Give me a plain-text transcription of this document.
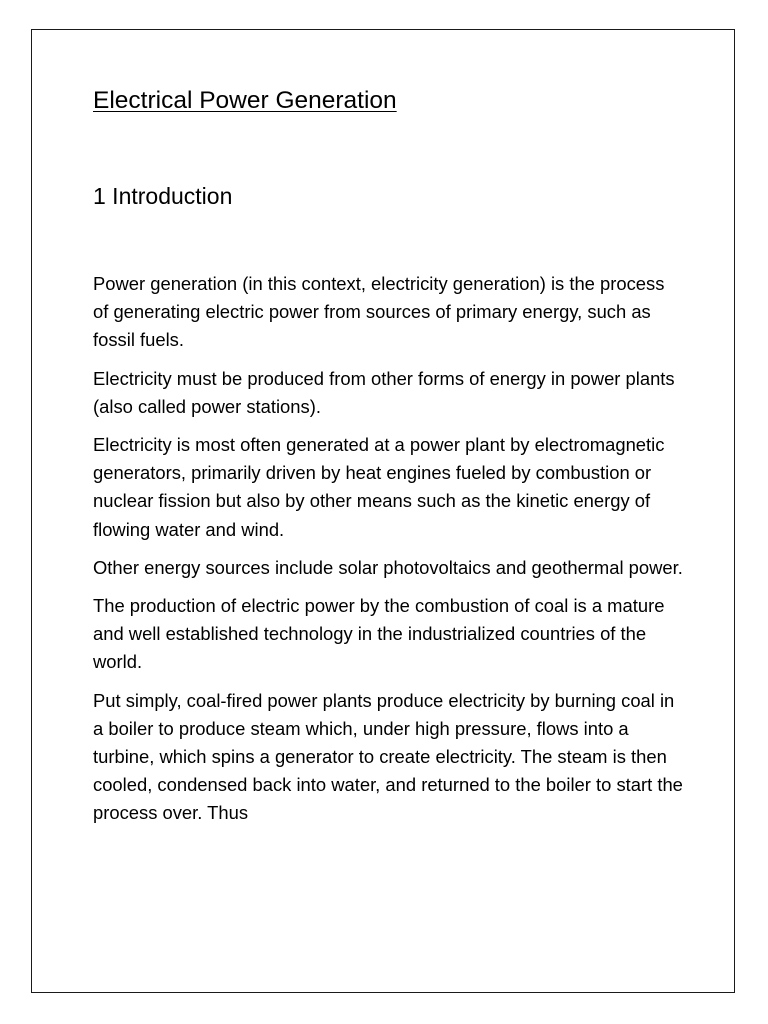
Electrical Power Generation
1 Introduction

Power generation (in this context, electricity generation) is the process of generating electric power from sources of primary energy, such as fossil fuels.

Electricity must be produced from other forms of energy in power plants (also called power stations).

Electricity is most often generated at a power plant by electromagnetic generators, primarily driven by heat engines fueled by combustion or nuclear fission but also by other means such as the kinetic energy of flowing water and wind.

Other energy sources include solar photovoltaics and geothermal power.

The production of electric power by the combustion of coal is a mature and well established technology in the industrialized countries of the world.

Put simply, coal-fired power plants produce electricity by burning coal in a boiler to produce steam which, under high pressure, flows into a turbine, which spins a generator to create electricity. The steam is then cooled, condensed back into water, and returned to the boiler to start the process over. Thus
